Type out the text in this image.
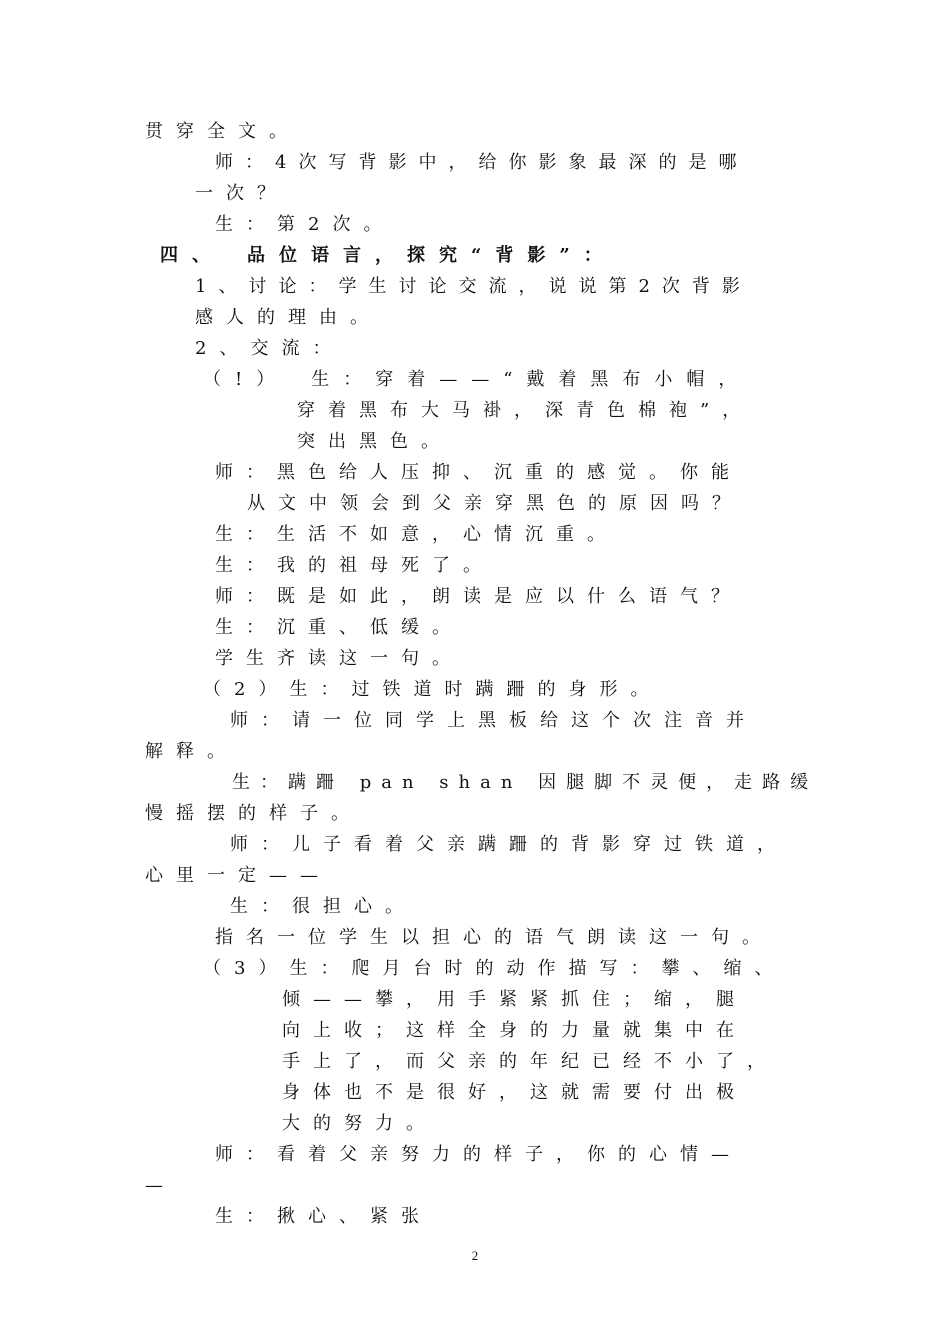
贯穿全文。
师：4次写背影中，给你影象最深的是哪
一次？
生：第2次。
四、　品位语言，探究“背影”：
1、讨论：学生讨论交流，说说第2次背影
感人的理由。
2、交流：
（!）　生：穿着——“戴着黑布小帽，
穿着黑布大马褂，深青色棉袍”，
突出黑色。
师：黑色给人压抑、沉重的感觉。你能
从文中领会到父亲穿黑色的原因吗？
生：生活不如意，心情沉重。
生：我的祖母死了。
师：既是如此，朗读是应以什么语气？
生：沉重、低缓。
学生齐读这一句。
（2）生：过铁道时蹒跚的身形。
师：请一位同学上黑板给这个次注音并
解释。
生：蹒跚 pan shan 因腿脚不灵便，走路缓
慢摇摆的样子。
师：儿子看着父亲蹒跚的背影穿过铁道，
心里一定——
生：很担心。
指名一位学生以担心的语气朗读这一句。
（3）生：爬月台时的动作描写：攀、缩、
倾——攀，用手紧紧抓住；缩，腿
向上收；这样全身的力量就集中在
手上了，而父亲的年纪已经不小了，
身体也不是很好，这就需要付出极
大的努力。
师：看着父亲努力的样子，你的心情—
—
生：揪心、紧张
2
